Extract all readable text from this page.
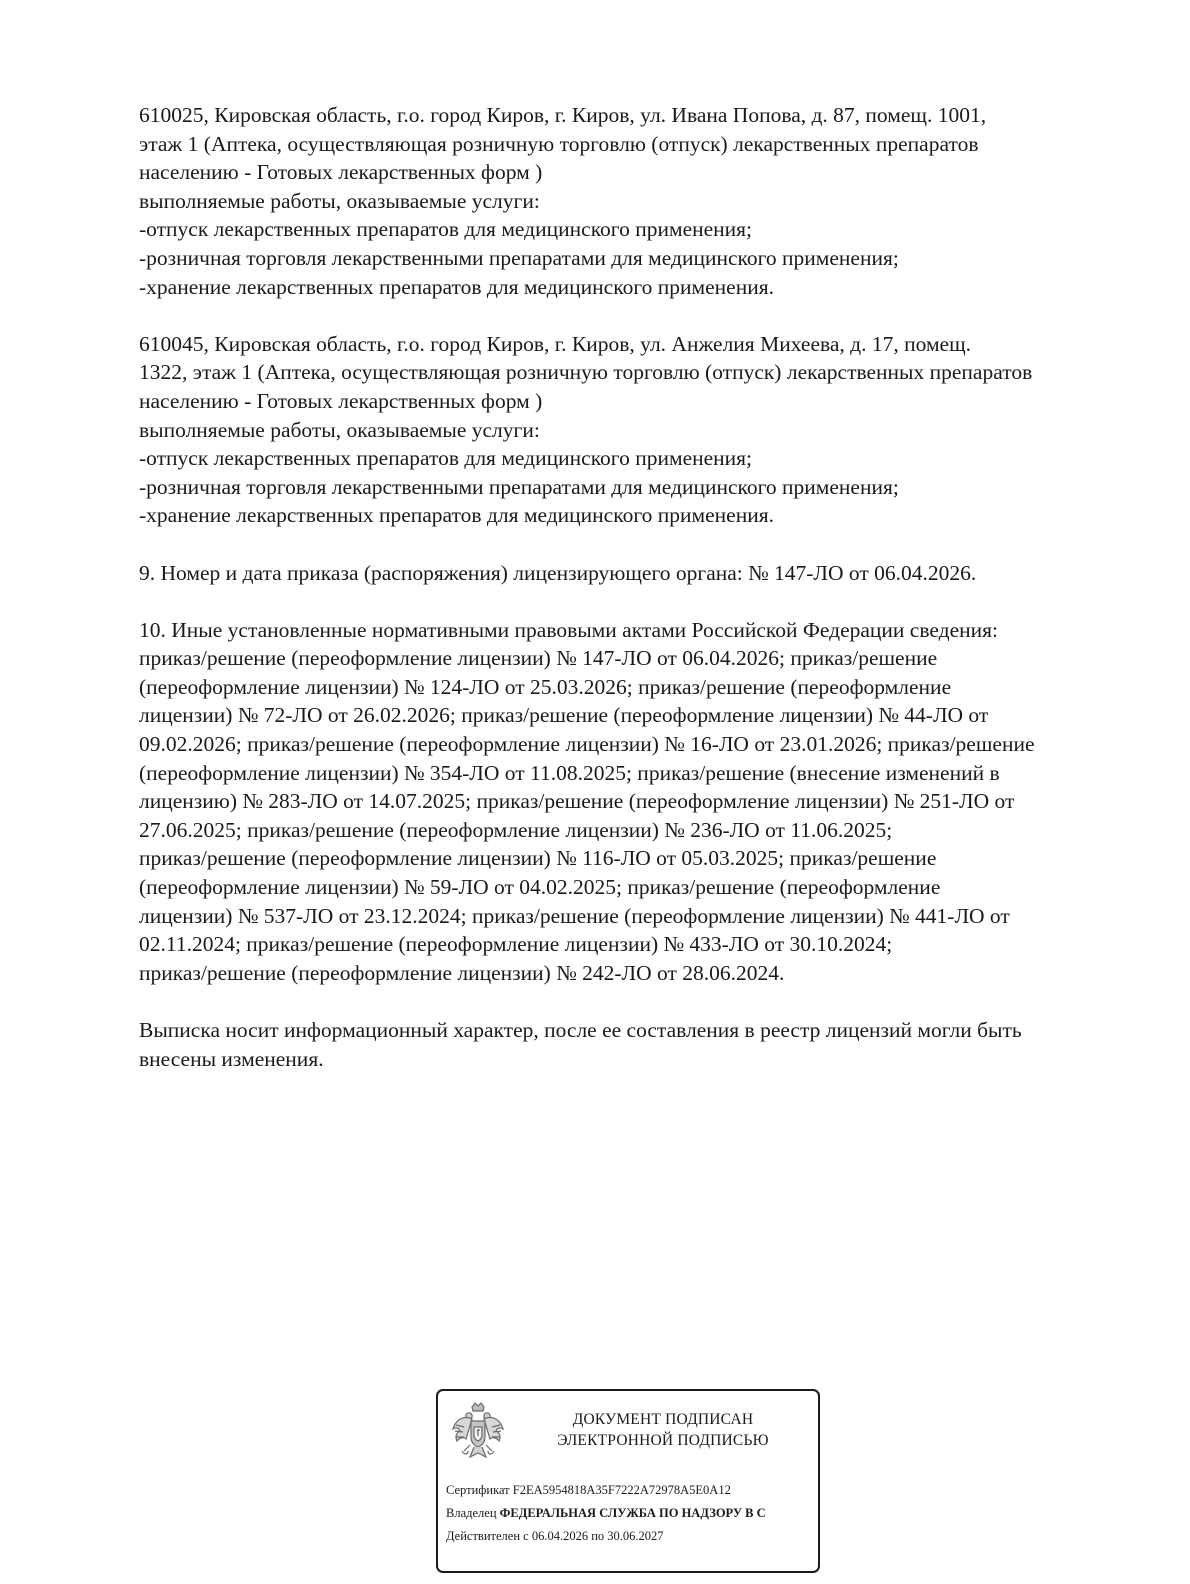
610025, Кировская область, г.о. город Киров, г. Киров, ул. Ивана Попова, д. 87, помещ. 1001,
этаж 1 (Аптека, осуществляющая розничную торговлю (отпуск) лекарственных препаратов
населению - Готовых лекарственных форм )
выполняемые работы, оказываемые услуги:
-отпуск лекарственных препаратов для медицинского применения;
-розничная торговля лекарственными препаратами для медицинского применения;
-хранение лекарственных препаратов для медицинского применения.
610045, Кировская область, г.о. город Киров, г. Киров, ул. Анжелия Михеева, д. 17, помещ.
1322, этаж 1 (Аптека, осуществляющая розничную торговлю (отпуск) лекарственных препаратов
населению - Готовых лекарственных форм )
выполняемые работы, оказываемые услуги:
-отпуск лекарственных препаратов для медицинского применения;
-розничная торговля лекарственными препаратами для медицинского применения;
-хранение лекарственных препаратов для медицинского применения.
9. Номер и дата приказа (распоряжения) лицензирующего органа: № 147-ЛО от 06.04.2026.
10. Иные установленные нормативными правовыми актами Российской Федерации сведения:
приказ/решение (переоформление лицензии) № 147-ЛО от 06.04.2026; приказ/решение
(переоформление лицензии) № 124-ЛО от 25.03.2026; приказ/решение (переоформление
лицензии) № 72-ЛО от 26.02.2026; приказ/решение (переоформление лицензии) № 44-ЛО от
09.02.2026; приказ/решение (переоформление лицензии) № 16-ЛО от 23.01.2026; приказ/решение
(переоформление лицензии) № 354-ЛО от 11.08.2025; приказ/решение (внесение изменений в
лицензию) № 283-ЛО от 14.07.2025; приказ/решение (переоформление лицензии) № 251-ЛО от
27.06.2025; приказ/решение (переоформление лицензии) № 236-ЛО от 11.06.2025;
приказ/решение (переоформление лицензии) № 116-ЛО от 05.03.2025; приказ/решение
(переоформление лицензии) № 59-ЛО от 04.02.2025; приказ/решение (переоформление
лицензии) № 537-ЛО от 23.12.2024; приказ/решение (переоформление лицензии) № 441-ЛО от
02.11.2024; приказ/решение (переоформление лицензии) № 433-ЛО от 30.10.2024;
приказ/решение (переоформление лицензии) № 242-ЛО от 28.06.2024.
Выписка носит информационный характер, после ее составления в реестр лицензий могли быть
внесены изменения.
ДОКУМЕНТ ПОДПИСАН
ЭЛЕКТРОННОЙ ПОДПИСЬЮ
Сертификат F2EA5954818A35F7222A72978A5E0A12
Владелец ФЕДЕРАЛЬНАЯ СЛУЖБА ПО НАДЗОРУ В С
Действителен с 06.04.2026 по 30.06.2027
